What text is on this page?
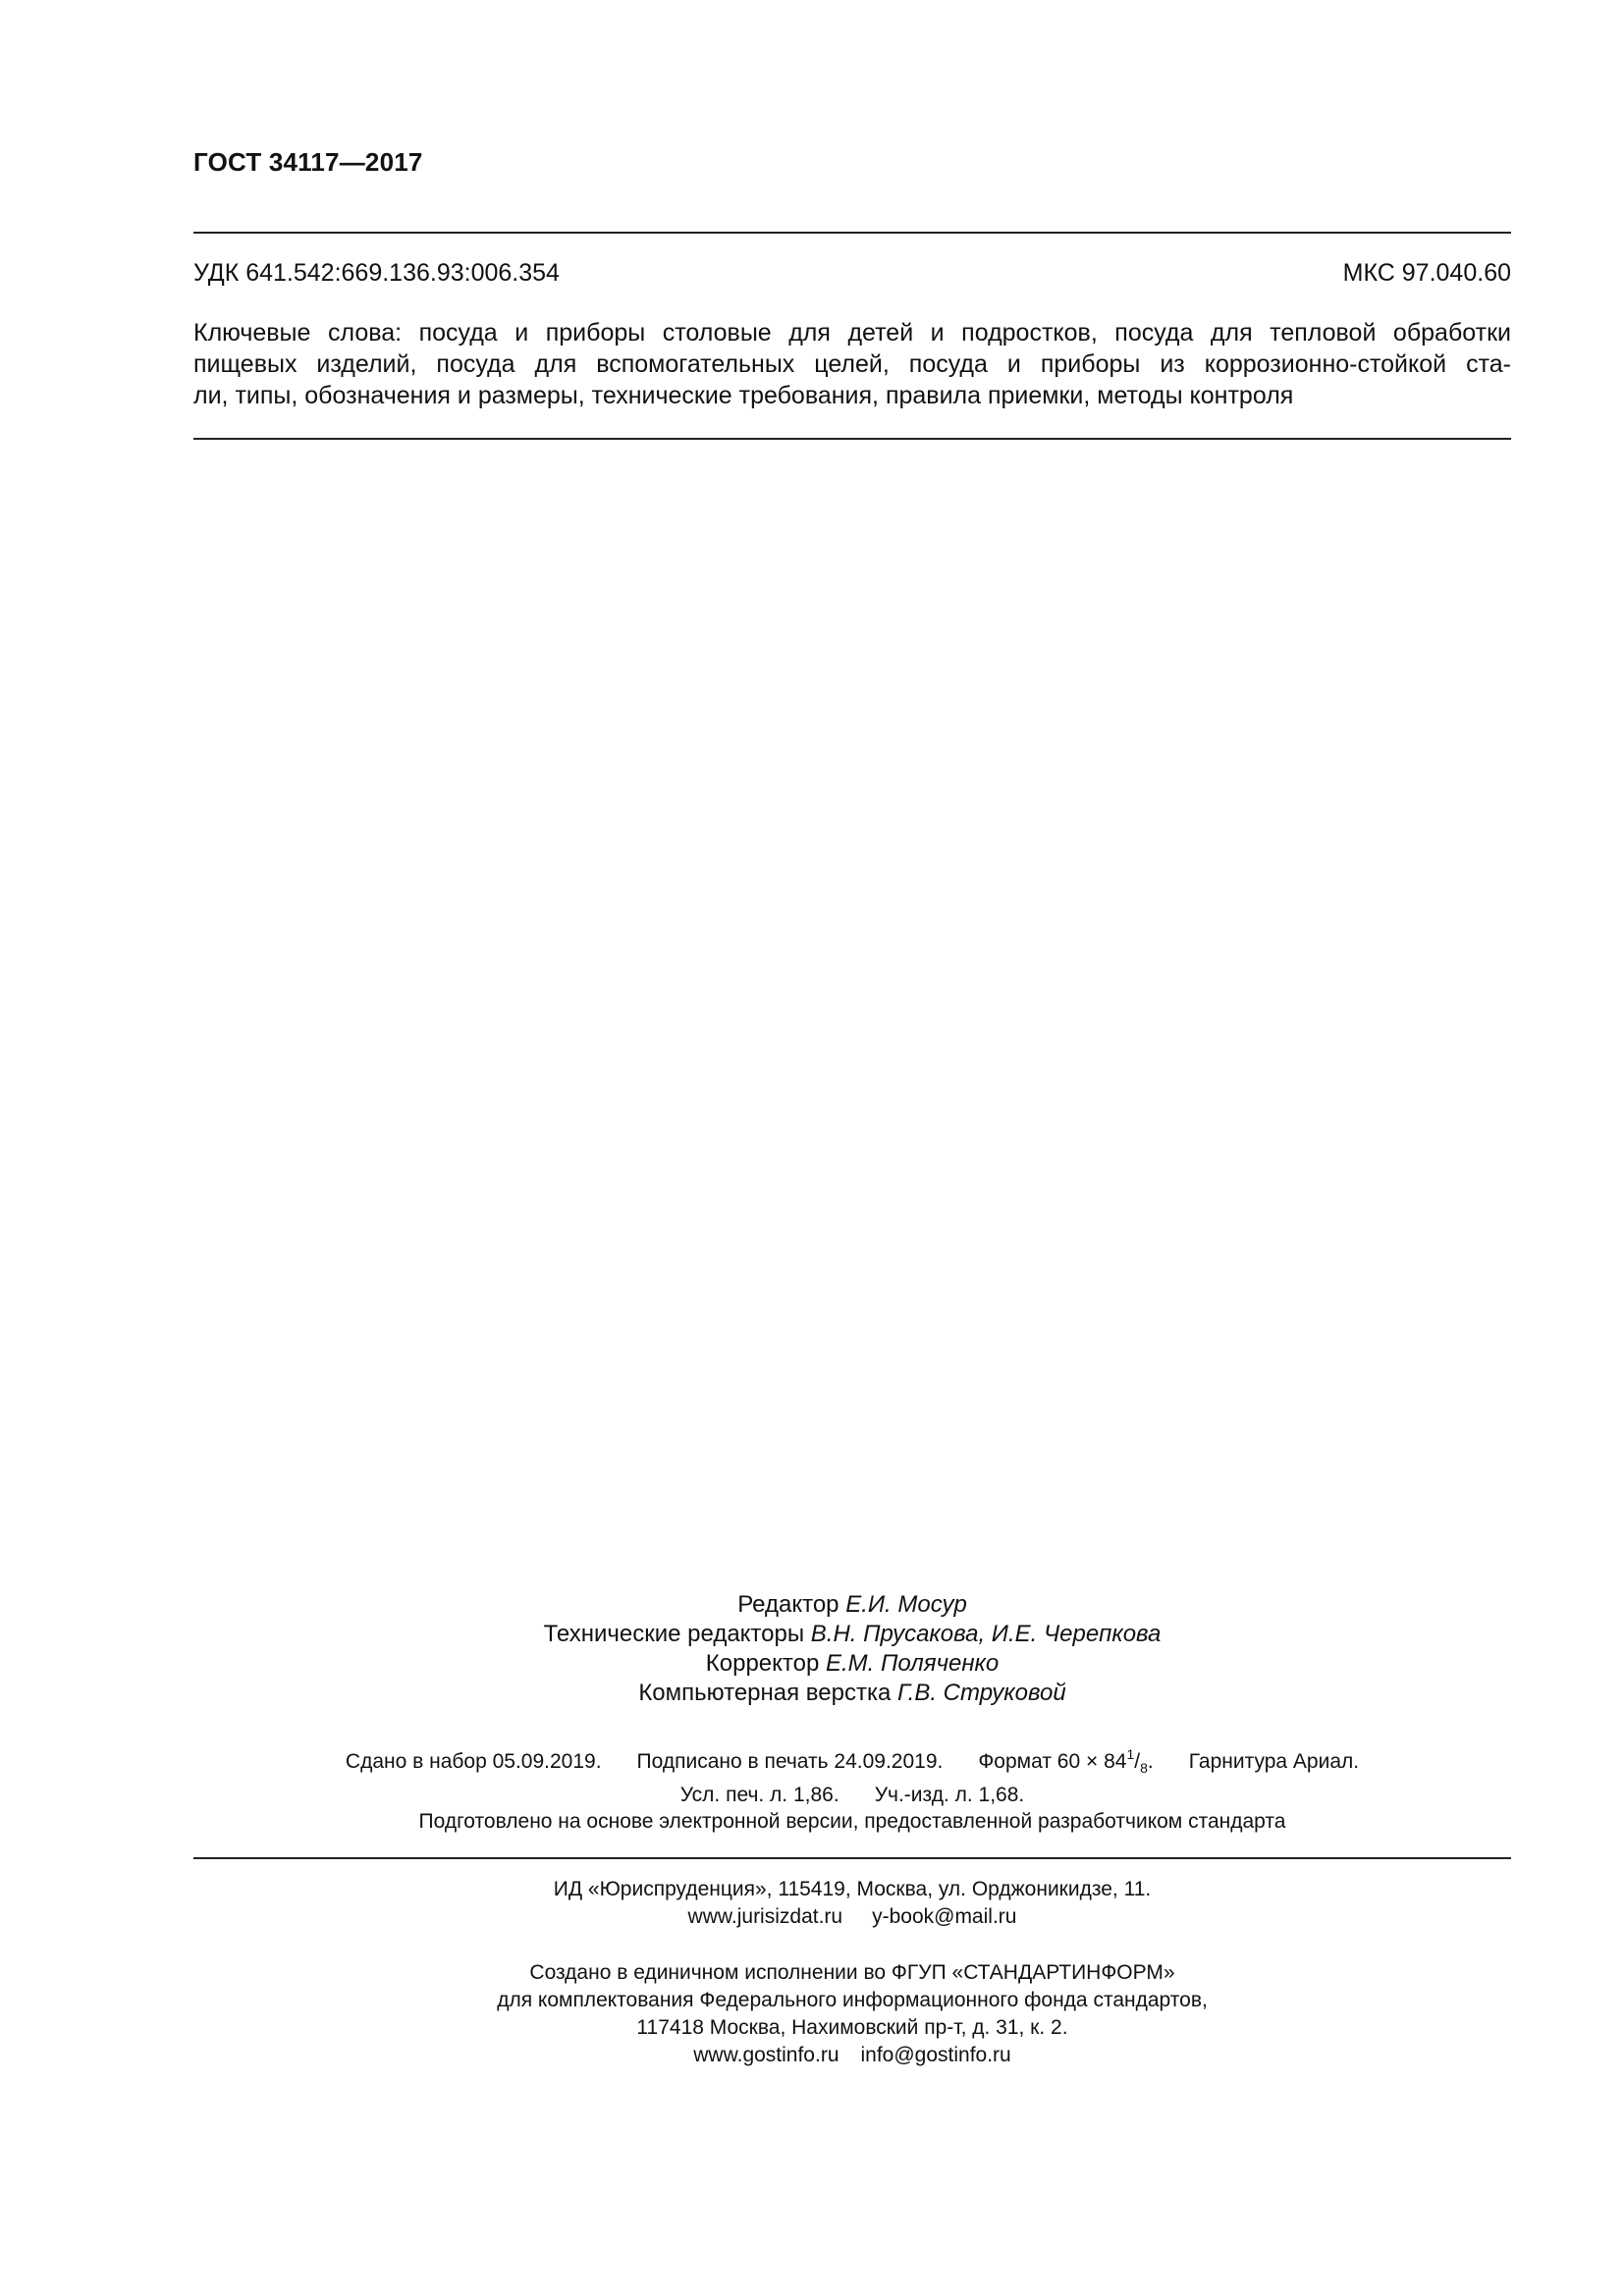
ГОСТ 34117—2017
УДК 641.542:669.136.93:006.354	МКС 97.040.60
Ключевые слова: посуда и приборы столовые для детей и подростков, посуда для тепловой обработки
пищевых изделий, посуда для вспомогательных целей, посуда и приборы из коррозионно-стойкой ста-
ли, типы, обозначения и размеры, технические требования, правила приемки, методы контроля
Редактор Е.И. Мосур
Технические редакторы В.Н. Прусакова, И.Е. Черепкова
Корректор Е.М. Поляченко
Компьютерная верстка Г.В. Струковой
Сдано в набор 05.09.2019. Подписано в печать 24.09.2019. Формат $60 \times 84^1/_8$. Гарнитура Ариал.
Усл. печ. л. 1,86. Уч.-изд. л. 1,68.
Подготовлено на основе электронной версии, предоставленной разработчиком стандарта
ИД «Юриспруденция», 115419, Москва, ул. Орджоникидзе, 11.
www.jurisizdat.ru y-book@mail.ru
Создано в единичном исполнении во ФГУП «СТАНДАРТИНФОРМ»
для комплектования Федерального информационного фонда стандартов,
117418 Москва, Нахимовский пр-т, д. 31, к. 2.
www.gostinfo.ru info@gostinfo.ru
